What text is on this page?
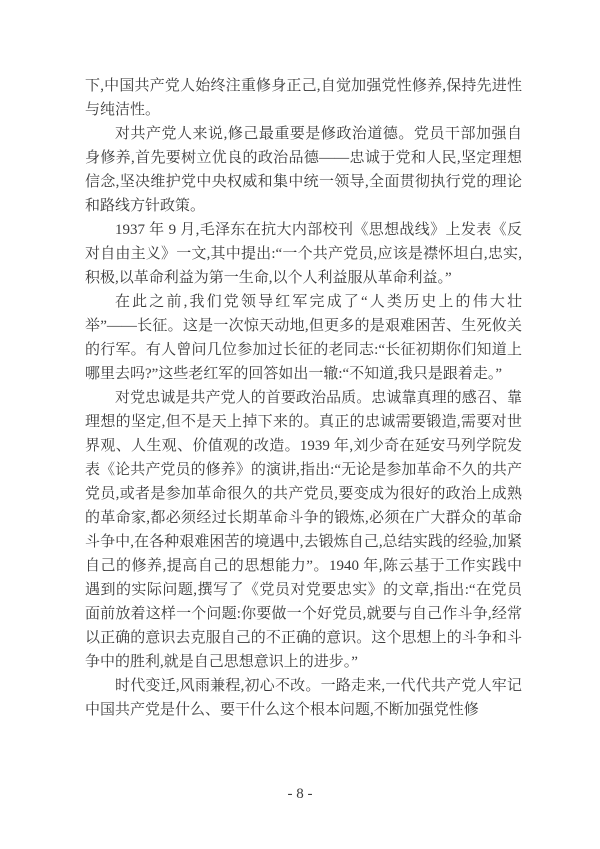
下,中国共产党人始终注重修身正己,自觉加强党性修养,保持先进性与纯洁性。

对共产党人来说,修己最重要是修政治道德。党员干部加强自身修养,首先要树立优良的政治品德——忠诚于党和人民,坚定理想信念,坚决维护党中央权威和集中统一领导,全面贯彻执行党的理论和路线方针政策。

1937 年 9 月,毛泽东在抗大内部校刊《思想战线》上发表《反对自由主义》一文,其中提出:“一个共产党员,应该是襟怀坦白,忠实,积极,以革命利益为第一生命,以个人利益服从革命利益。”

在此之前,我们党领导红军完成了“人类历史上的伟大壮举”——长征。这是一次惊天动地,但更多的是艰难困苦、生死攸关的行军。有人曾问几位参加过长征的老同志:“长征初期你们知道上哪里去吗?”这些老红军的回答如出一辙:“不知道,我只是跟着走。”

对党忠诚是共产党人的首要政治品质。忠诚靠真理的感召、靠理想的坚定,但不是天上掉下来的。真正的忠诚需要锻造,需要对世界观、人生观、价值观的改造。1939 年,刘少奇在延安马列学院发表《论共产党员的修养》的演讲,指出:“无论是参加革命不久的共产党员,或者是参加革命很久的共产党员,要变成为很好的政治上成熟的革命家,都必须经过长期革命斗争的锻炼,必须在广大群众的革命斗争中,在各种艰难困苦的境遇中,去锻炼自己,总结实践的经验,加紧自己的修养,提高自己的思想能力”。1940 年,陈云基于工作实践中遇到的实际问题,撰写了《党员对党要忠实》的文章,指出:“在党员面前放着这样一个问题:你要做一个好党员,就要与自己作斗争,经常以正确的意识去克服自己的不正确的意识。这个思想上的斗争和斗争中的胜利,就是自己思想意识上的进步。”

时代变迁,风雨兼程,初心不改。一路走来,一代代共产党人牢记中国共产党是什么、要干什么这个根本问题,不断加强党性修

- 8 -
